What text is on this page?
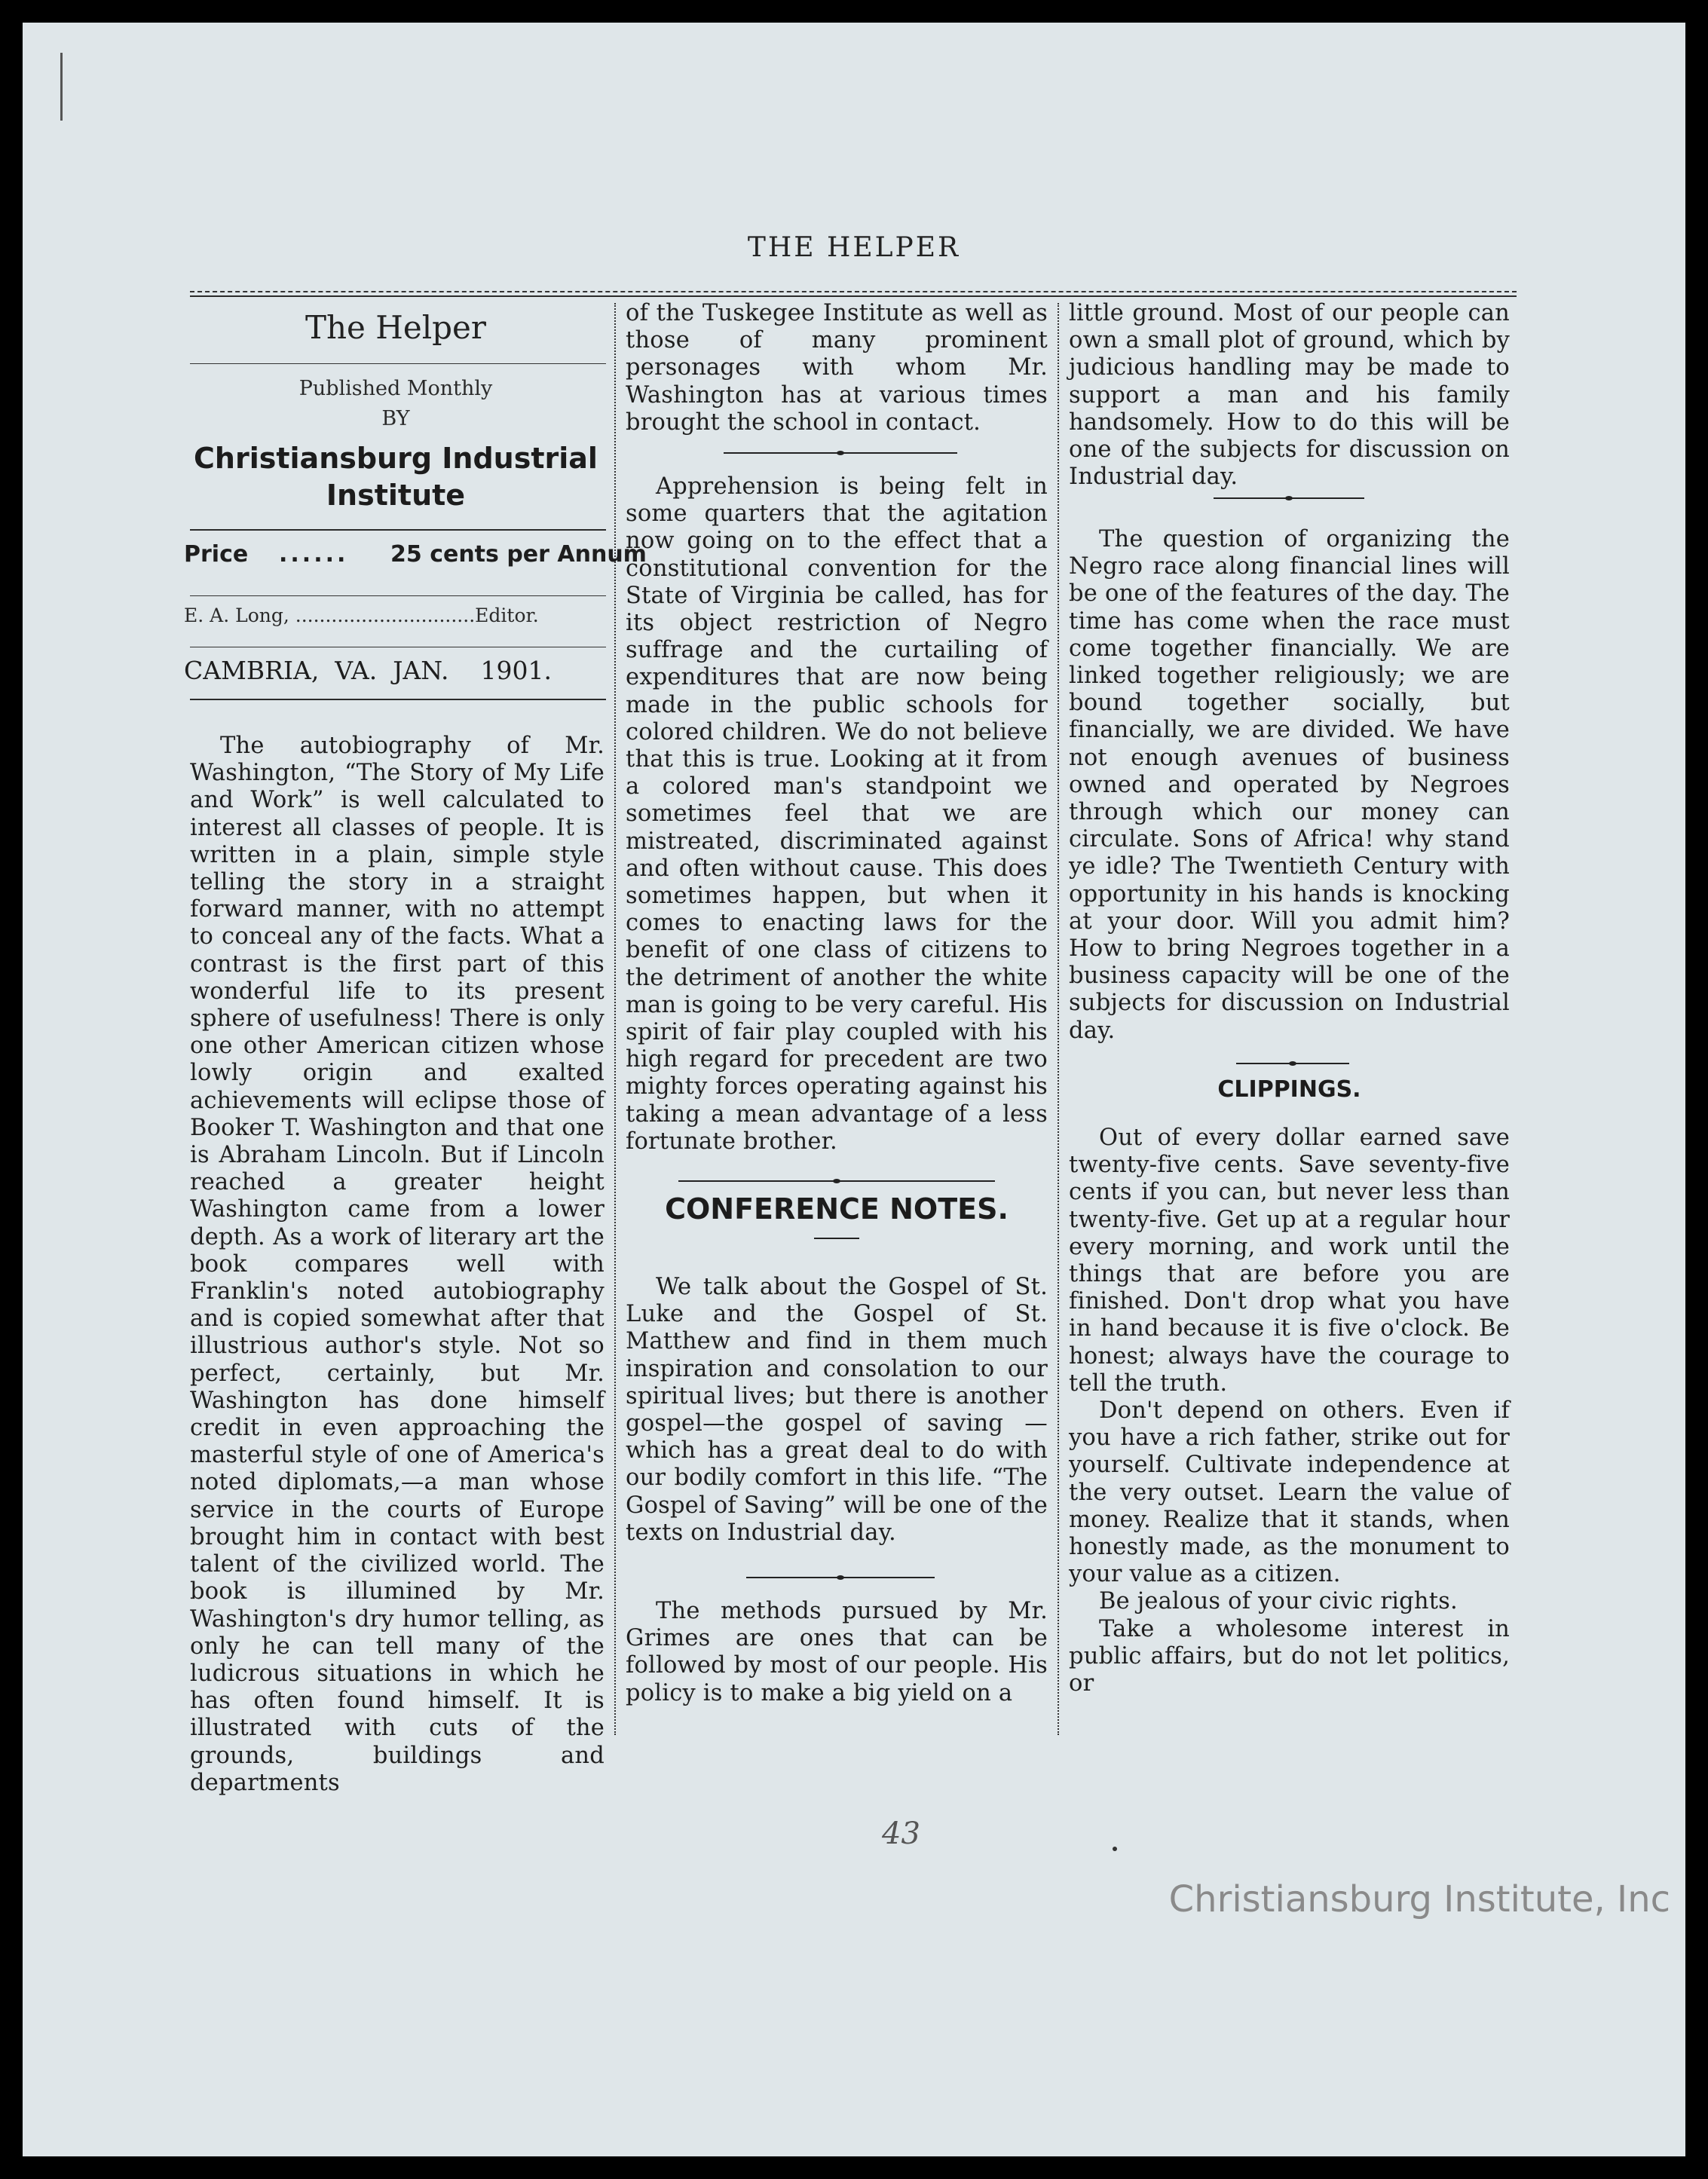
THE HELPER
The Helper
Published Monthly
BY
Christiansburg Industrial
Institute
Price ...... 25 cents per Annum
E. A. Long, ..............................Editor.
CAMBRIA,  VA.  JAN.    1901.

The autobiography of Mr. Washington, “The Story of My Life and Work” is well calculated to interest all classes of people. It is written in a plain, simple style telling the story in a straight forward manner, with no attempt to conceal any of the facts. What a contrast is the first part of this wonderful life to its present sphere of usefulness! There is only one other American citizen whose lowly origin and exalted achievements will eclipse those of Booker T. Washington and that one is Abraham Lincoln. But if Lincoln reached a greater height Washington came from a lower depth. As a work of literary art the book compares well with Franklin's noted autobiography and is copied somewhat after that illustrious author's style. Not so perfect, certainly, but Mr. Washington has done himself credit in even approaching the masterful style of one of America's noted diplomats,—a man whose service in the courts of Europe brought him in contact with best talent of the civilized world. The book is illumined by Mr. Washington's dry humor telling, as only he can tell many of the ludicrous situations in which he has often found himself. It is illustrated with cuts of the grounds, buildings and departments

of the Tuskegee Institute as well as those of many prominent personages with whom Mr. Washington has at various times brought the school in contact.

Apprehension is being felt in some quarters that the agitation now going on to the effect that a constitutional convention for the State of Virginia be called, has for its object restriction of Negro suffrage and the curtailing of expenditures that are now being made in the public schools for colored children. We do not believe that this is true. Looking at it from a colored man's standpoint we sometimes feel that we are mistreated, discriminated against and often without cause. This does sometimes happen, but when it comes to enacting laws for the benefit of one class of citizens to the detriment of another the white man is going to be very careful. His spirit of fair play coupled with his high regard for precedent are two mighty forces operating against his taking a mean advantage of a less fortunate brother.

CONFERENCE NOTES.

We talk about the Gospel of St. Luke and the Gospel of St. Matthew and find in them much inspiration and consolation to our spiritual lives; but there is another gospel—the gospel of saving —which has a great deal to do with our bodily comfort in this life. “The Gospel of Saving” will be one of the texts on Industrial day.

The methods pursued by Mr. Grimes are ones that can be followed by most of our people. His policy is to make a big yield on a

little ground. Most of our people can own a small plot of ground, which by judicious handling may be made to support a man and his family handsomely. How to do this will be one of the subjects for discussion on Industrial day.

The question of organizing the Negro race along financial lines will be one of the features of the day. The time has come when the race must come together financially. We are linked together religiously; we are bound together socially, but financially, we are divided. We have not enough avenues of business owned and operated by Negroes through which our money can circulate. Sons of Africa! why stand ye idle? The Twentieth Century with opportunity in his hands is knocking at your door. Will you admit him? How to bring Negroes together in a business capacity will be one of the subjects for discussion on Industrial day.

CLIPPINGS.

Out of every dollar earned save twenty-five cents. Save seventy-five cents if you can, but never less than twenty-five. Get up at a regular hour every morning, and work until the things that are before you are finished. Don't drop what you have in hand because it is five o'clock. Be honest; always have the courage to tell the truth.

Don't depend on others. Even if you have a rich father, strike out for yourself. Cultivate independence at the very outset. Learn the value of money. Realize that it stands, when honestly made, as the monument to your value as a citizen.

Be jealous of your civic rights.

Take a wholesome interest in public affairs, but do not let politics, or

43
Christiansburg Institute, Inc
